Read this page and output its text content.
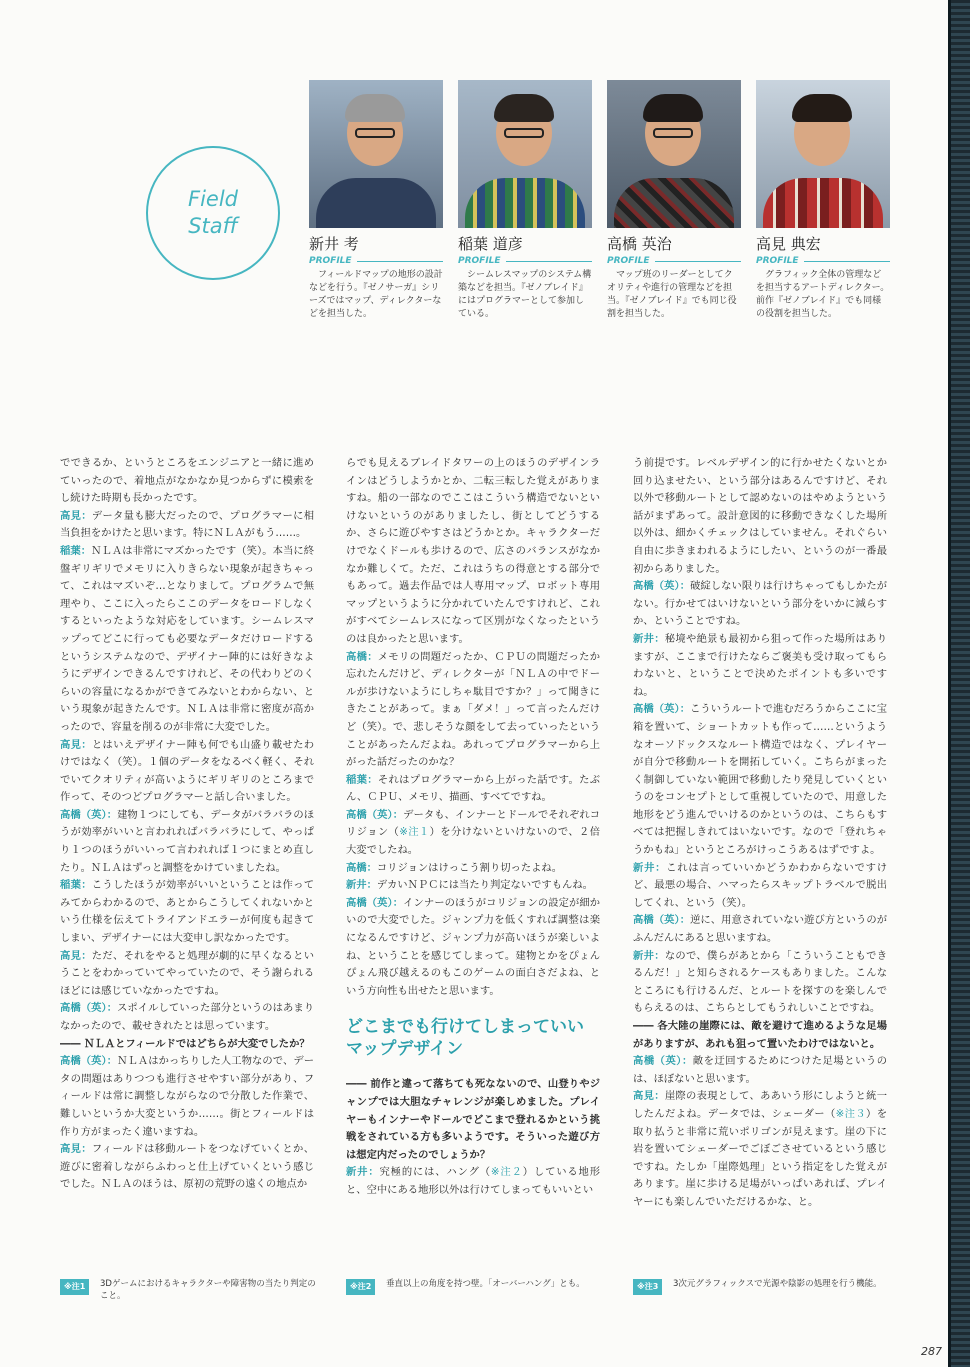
Field
Staff
新井 考
PROFILE
フィールドマップの地形の設計などを行う。『ゼノサーガ』シリーズではマップ、ディレクターなどを担当した。
稲葉 道彦
PROFILE
シームレスマップのシステム構築などを担当。『ゼノブレイド』にはプログラマーとして参加している。
高橋 英治
PROFILE
マップ班のリーダーとしてクオリティや進行の管理などを担当。『ゼノブレイド』でも同じ役割を担当した。
高見 典宏
PROFILE
グラフィック全体の管理などを担当するアートディレクター。前作『ゼノブレイド』でも同様の役割を担当した。

でできるか、というところをエンジニアと一緒に進めていったので、着地点がなかなか見つからずに模索を し続けた時期も長かったです。

高見：データ量も膨大だったので、プログラマーに相当負担をかけたと思います。特にＮＬＡがもう……。

稲葉：ＮＬＡは非常にマズかったです（笑）。本当に終盤ギリギリでメモリに入りきらない現象が起きちゃって、これはマズいぞ…となりまして。プログラムで無理やり、ここに入ったらここのデータをロードしなくするといったような対応をしています。シームレスマップってどこに行っても必要なデータだけロードするというシステムなので、デザイナー陣的には好きなようにデザインできるんですけれど、その代わりどのくらいの容量になるかができてみないとわからない、という現象が起きたんです。ＮＬＡは非常に密度が高かったので、容量を削るのが非常に大変でした。

高見：とはいえデザイナー陣も何でも山盛り載せたわけではなく（笑）。１個のデータをなるべく軽く、それでいてクオリティが高いようにギリギリのところまで作って、そのつどプログラマーと話し合いました。

高橋（英）：建物１つにしても、データがバラバラのほうが効率がいいと言われればバラバラにして、やっぱり１つのほうがいいって言われれば１つにまとめ直したり。ＮＬＡはずっと調整をかけていましたね。

稲葉：こうしたほうが効率がいいということは作ってみてからわかるので、あとからこうしてくれないかという仕様を伝えてトライアンドエラーが何度も起きてしまい、デザイナーには大変申し訳なかったです。

高見：ただ、それをやると処理が劇的に早くなるということをわかっていてやっていたので、そう謝られるほどには感じていなかったですね。

高橋（英）：スポイルしていった部分というのはあまりなかったので、載せきれたとは思っています。

―― ＮＬＡとフィールドではどちらが大変でしたか？

高橋（英）：ＮＬＡはかっちりした人工物なので、データの問題はありつつも進行させやすい部分があり、フィールドは常に調整しながらなので分散した作業で、難しいというか大変というか……。街とフィールドは作り方がまったく違いますね。

高見：フィールドは移動ルートをつなげていくとか、遊びに密着しながらふわっと仕上げていくという感じでした。ＮＬＡのほうは、原初の荒野の遠くの地点か

らでも見えるブレイドタワーの上のほうのデザインラインはどうしようかとか、二転三転した覚えがありますね。船の一部なのでここはこういう構造でないといけないというのがありましたし、街としてどうするか、さらに遊びやすさはどうかとか。キャラクターだけでなくドールも歩けるので、広さのバランスがなかなか難しくて。ただ、これはうちの得意とする部分でもあって。過去作品では人専用マップ、ロボット専用マップというように分かれていたんですけれど、これがすべてシームレスになって区別がなくなったというのは良かったと思います。

高橋：メモリの問題だったか、ＣＰＵの問題だったか忘れたんだけど、ディレクターが「ＮＬＡの中でドールが歩けないようにしちゃ駄目ですか？」って聞きにきたことがあって。まぁ「ダメ！」って言ったんだけど（笑）。で、悲しそうな顔をして去っていったということがあったんだよね。あれってプログラマーから上がった話だったのかな？

稲葉：それはプログラマーから上がった話です。たぶん、ＣＰＵ、メモリ、描画、すべてですね。

高橋（英）：データも、インナーとドールでそれぞれコリジョン（※注１）を分けないといけないので、２倍大変でしたね。

高橋：コリジョンはけっこう割り切ったよね。

新井：デカいＮＰＣには当たり判定ないですもんね。

高橋（英）：インナーのほうがコリジョンの設定が細かいので大変でした。ジャンプ力を低くすれば調整は楽になるんですけど、ジャンプ力が高いほうが楽しいよね、ということを感じてしまって。建物とかをぴょんぴょん飛び越えるのもこのゲームの面白さだよね、という方向性も出せたと思います。

どこまでも行けてしまっていい
マップデザイン

―― 前作と違って落ちても死なないので、山登りやジャンプでは大胆なチャレンジが楽しめました。プレイヤーもインナーやドールでどこまで登れるかという挑戦をされている方も多いようです。そういった遊び方は想定内だったのでしょうか？

新井：究極的には、ハング（※注２）している地形と、空中にある地形以外は行けてしまってもいいとい

う前提です。レベルデザイン的に行かせたくないとか回り込ませたい、という部分はあるんですけど、それ以外で移動ルートとして認めないのはやめようという話がまずあって。設計意図的に移動できなくした場所以外は、細かくチェックはしていません。それぐらい自由に歩きまわれるようにしたい、というのが一番最初からありました。

高橋（英）：破綻しない限りは行けちゃってもしかたがない。行かせてはいけないという部分をいかに減らすか、ということですね。

新井：秘境や絶景も最初から狙って作った場所はありますが、ここまで行けたならご褒美も受け取ってもらわないと、ということで決めたポイントも多いですね。

高橋（英）：こういうルートで進むだろうからここに宝箱を置いて、ショートカットも作って……というようなオーソドックスなルート構造ではなく、プレイヤーが自分で移動ルートを開拓していく。こちらがまったく制御していない範囲で移動したり発見していくというのをコンセプトとして重視していたので、用意した地形をどう進んでいけるのかというのは、こちらもすべては把握しきれてはいないです。なので「登れちゃうかもね」というところがけっこうあるはずですよ。

新井：これは言っていいかどうかわからないですけど、最悪の場合、ハマったらスキップトラベルで脱出してくれ、という（笑）。

高橋（英）：逆に、用意されていない遊び方というのがふんだんにあると思いますね。

新井：なので、僕らがあとから「こういうこともできるんだ！」と知らされるケースもありました。こんなところにも行けるんだ、とルートを探すのを楽しんでもらえるのは、こちらとしてもうれしいことですね。

―― 各大陸の崖際には、敵を避けて進めるような足場がありますが、あれも狙って置いたわけではないと。

高橋（英）：敵を迂回するためにつけた足場というのは、ほぼないと思います。

高見：崖際の表現として、ああいう形にしようと統一したんだよね。データでは、シェーダー（※注３）を取り払うと非常に荒いポリゴンが見えます。崖の下に岩を置いてシェーダーでごぼごさせているという感じですね。たしか「崖際処理」という指定をした覚えがあります。崖に歩ける足場がいっぱいあれば、プレイヤーにも楽しんでいただけるかな、と。

※注1	3Dゲームにおけるキャラクターや障害物の当たり判定のこと。
※注2	垂直以上の角度を持つ壁。「オーバーハング」とも。	※注3	3次元グラフィックスで光源や陰影の処理を行う機能。
287
